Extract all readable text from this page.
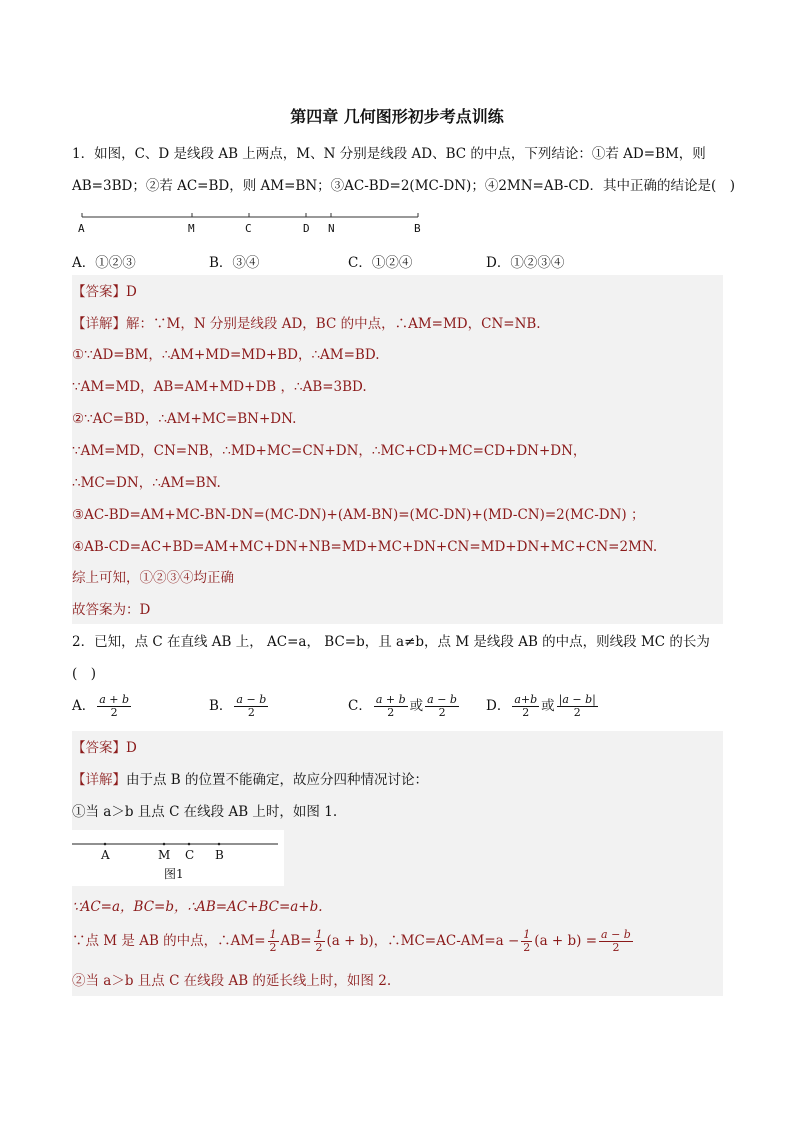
第四章 几何图形初步考点训练
1．如图，C、D 是线段 AB 上两点，M、N 分别是线段 AD、BC 的中点，下列结论：①若 AD=BM，则
AB=3BD；②若 AC=BD，则 AM=BN；③AC-BD=2(MC-DN)；④2MN=AB-CD．其中正确的结论是(　)
A	M	C	D N	B
A．①②③	B．③④	C．①②④	D．①②③④
【答案】D
【详解】解：∵M，N 分别是线段 AD，BC 的中点，∴AM=MD，CN=NB.
①∵AD=BM，∴AM+MD=MD+BD，∴AM=BD.
∵AM=MD，AB=AM+MD+DB ，∴AB=3BD.
②∵AC=BD，∴AM+MC=BN+DN.
∵AM=MD，CN=NB，∴MD+MC=CN+DN，∴MC+CD+MC=CD+DN+DN，
∴MC=DN，∴AM=BN.
③AC-BD=AM+MC-BN-DN=(MC-DN)+(AM-BN)=(MC-DN)+(MD-CN)=2(MC-DN) ；
④AB-CD=AC+BD=AM+MC+DN+NB=MD+MC+DN+CN=MD+DN+MC+CN=2MN.
综上可知，①②③④均正确
故答案为：D
2．已知，点 C 在直线 AB 上， AC=a， BC=b，且 a≠b，点 M 是线段 AB 的中点，则线段 MC 的长为
(　)
A． $\frac{a + b}{2}$	B． $\frac{a - b}{2}$	C． $\frac{a + b}{2}$ 或 $\frac{a - b}{2}$ D． $\frac{a+b}{2}$ 或 $\frac{|a - b|}{2}$
【答案】D
【详解】由于点 B 的位置不能确定，故应分四种情况讨论：
①当 a＞b 且点 C 在线段 AB 上时，如图 1.
A	M C B
图1
∵AC=a，BC=b，∴AB=AC+BC=a+b.
∵点 M 是 AB 的中点，∴AM= $\frac{1}{2} AB= \frac{1}{2} (a + b)$，∴MC=AC-AM=a − $\frac{1}{2} (a + b) = \frac{a - b}{2}$
②当 a＞b 且点 C 在线段 AB 的延长线上时，如图 2.
